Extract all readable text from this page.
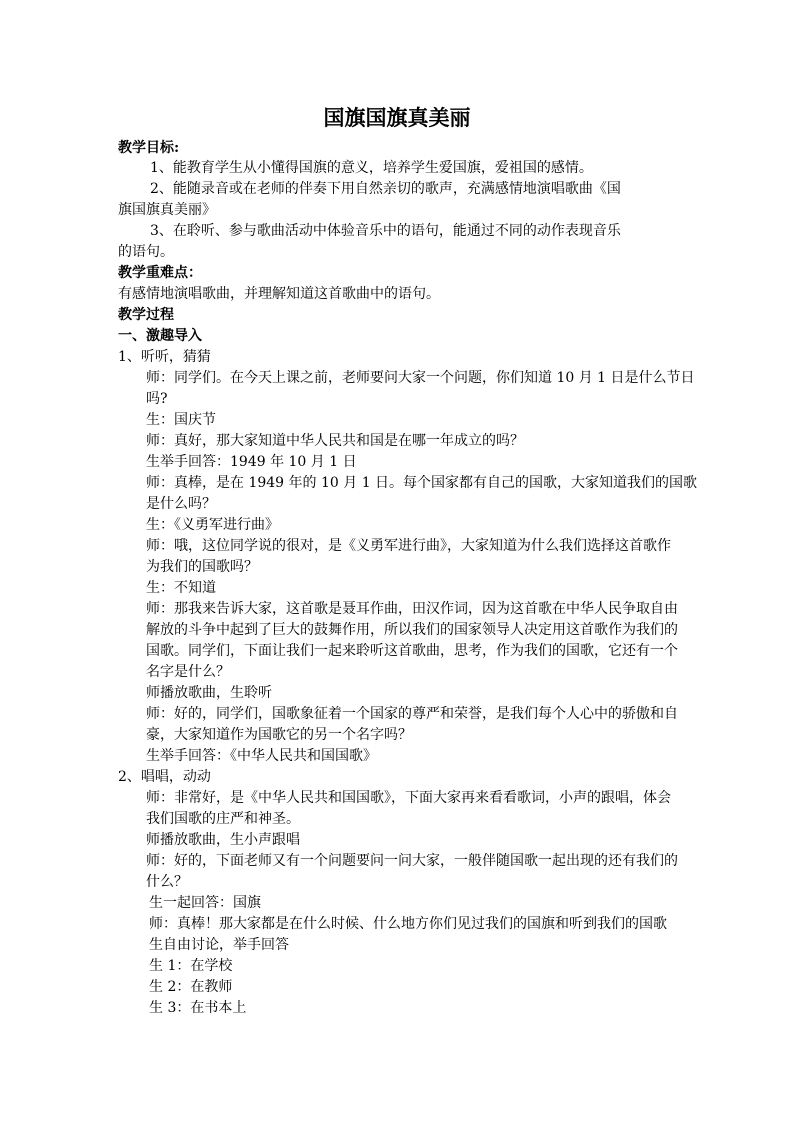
国旗国旗真美丽
教学目标:
1、能教育学生从小懂得国旗的意义，培养学生爱国旗，爱祖国的感情。
2、能随录音或在老师的伴奏下用自然亲切的歌声，充满感情地演唱歌曲《国
旗国旗真美丽》
3、在聆听、参与歌曲活动中体验音乐中的语句，能通过不同的动作表现音乐
的语句。
教学重难点：
有感情地演唱歌曲，并理解知道这首歌曲中的语句。
教学过程
一、激趣导入
1、听听，猜猜
师：同学们。在今天上课之前，老师要问大家一个问题，你们知道 10 月 1 日是什么节日
吗?
生：国庆节
师：真好，那大家知道中华人民共和国是在哪一年成立的吗？
生举手回答：1949 年 10 月 1 日
师：真棒，是在 1949 年的 10 月 1 日。每个国家都有自己的国歌，大家知道我们的国歌
是什么吗？
生：《义勇军进行曲》
师：哦，这位同学说的很对，是《义勇军进行曲》，大家知道为什么我们选择这首歌作
为我们的国歌吗？
生：不知道
师：那我来告诉大家，这首歌是聂耳作曲，田汉作词，因为这首歌在中华人民争取自由
解放的斗争中起到了巨大的鼓舞作用，所以我们的国家领导人决定用这首歌作为我们的
国歌。同学们，下面让我们一起来聆听这首歌曲，思考，作为我们的国歌，它还有一个
名字是什么？
师播放歌曲，生聆听
师：好的，同学们，国歌象征着一个国家的尊严和荣誉，是我们每个人心中的骄傲和自
豪，大家知道作为国歌它的另一个名字吗？
生举手回答：《中华人民共和国国歌》
2、唱唱，动动
师：非常好，是《中华人民共和国国歌》，下面大家再来看看歌词，小声的跟唱，体会
我们国歌的庄严和神圣。
师播放歌曲，生小声跟唱
师：好的，下面老师又有一个问题要问一问大家，一般伴随国歌一起出现的还有我们的
什么？
生一起回答：国旗
师：真棒！那大家都是在什么时候、什么地方你们见过我们的国旗和听到我们的国歌
生自由讨论，举手回答
生 1：在学校
生 2：在教师
生 3：在书本上
